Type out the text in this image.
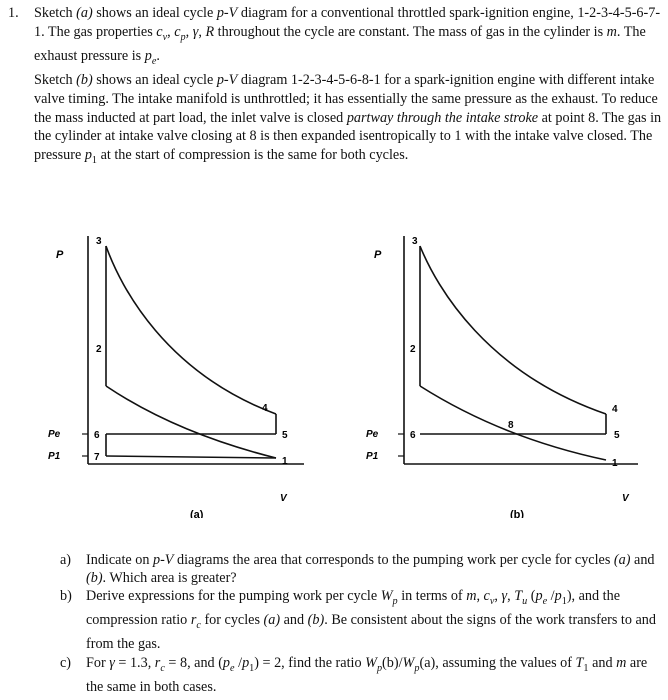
1. Sketch (a) shows an ideal cycle p-V diagram for a conventional throttled spark-ignition engine, 1-2-3-4-5-6-7-1. The gas properties $c_v$, $c_p$, γ, R throughout the cycle are constant. The mass of gas in the cylinder is m. The exhaust pressure is $p_e$.

Sketch (b) shows an ideal cycle p-V diagram 1-2-3-4-5-6-8-1 for a spark-ignition engine with different intake valve timing. The intake manifold is unthrottled; it has essentially the same pressure as the exhaust. To reduce the mass inducted at part load, the inlet valve is closed partway through the intake stroke at point 8. The gas in the cylinder at intake valve closing at 8 is then expanded isentropically to 1 with the intake valve closed. The pressure $p_1$ at the start of compression is the same for both cycles.

P
Pe
P1
3
2
4
5
6
7	1
V
(a)
P
Pe
P1
3
2
4
5
6
8
1
V
(b)

a) Indicate on p-V diagrams the area that corresponds to the pumping work per cycle for cycles (a) and (b). Which area is greater?

b) Derive expressions for the pumping work per cycle $W_p$ in terms of m, $c_v$, γ, $T_u$ ($p_e$ $/p_1$), and the compression ratio $r_c$ for cycles (a) and (b). Be consistent about the signs of the work transfers to and from the gas.

c) For γ = 1.3, $r_c = 8$, and ($p_e$ $/p_1) = 2$, find the ratio $W_p(b)/W_p(a)$, assuming the values of $T_1$ and m are the same in both cases.
